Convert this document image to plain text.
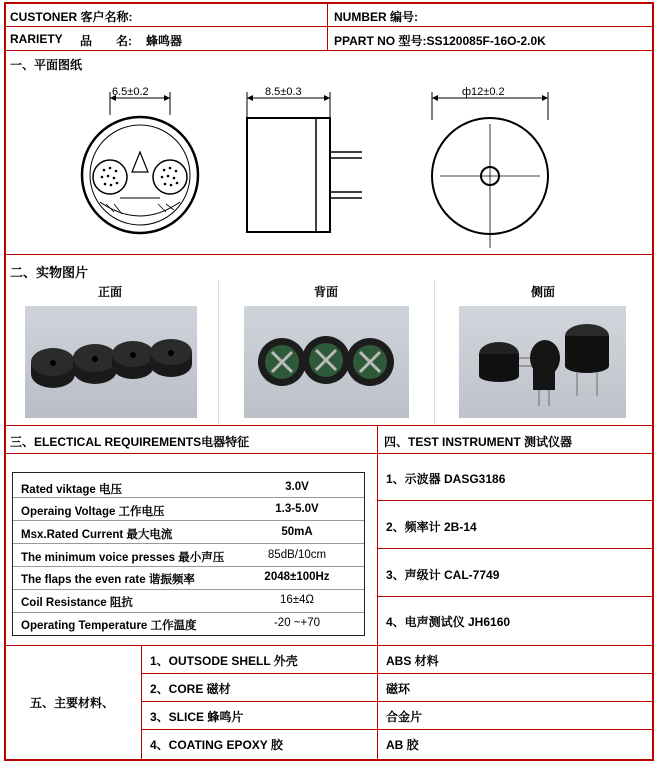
CUSTONER 客户名称:	NUMBER 编号:
RARIETY 品 名: 蜂鸣器	PPART NO 型号:SS120085F-16O-2.0K
一、平面图纸
6.5±0.2	8.5±0.3	ф12±0.2
二、实物图片
正面	背面	侧面
三、ELECTICAL REQUIREMENTS电器特征	四、TEST INSTRUMENT 测试仪器
Rated viktage 电压	3.0V
Operaing Voltage 工作电压	1.3-5.0V
Msx.Rated Current 最大电流	50mA
The minimum voice presses 最小声压	85dB/10cm
The flaps the even rate 谐振频率	2048±100Hz
Coil Resistance 阻抗	16±4Ω
Operating Temperature 工作温度	-20 ~+70
1、示波器 DASG3186
2、频率计 2B-14
3、声级计 CAL-7749
4、电声测试仪 JH6160
五、主要材料、
1、OUTSODE SHELL 外壳	ABS 材料
2、CORE 磁材	磁环
3、SLICE 蜂鸣片	合金片
4、COATING EPOXY 胶	AB 胶
